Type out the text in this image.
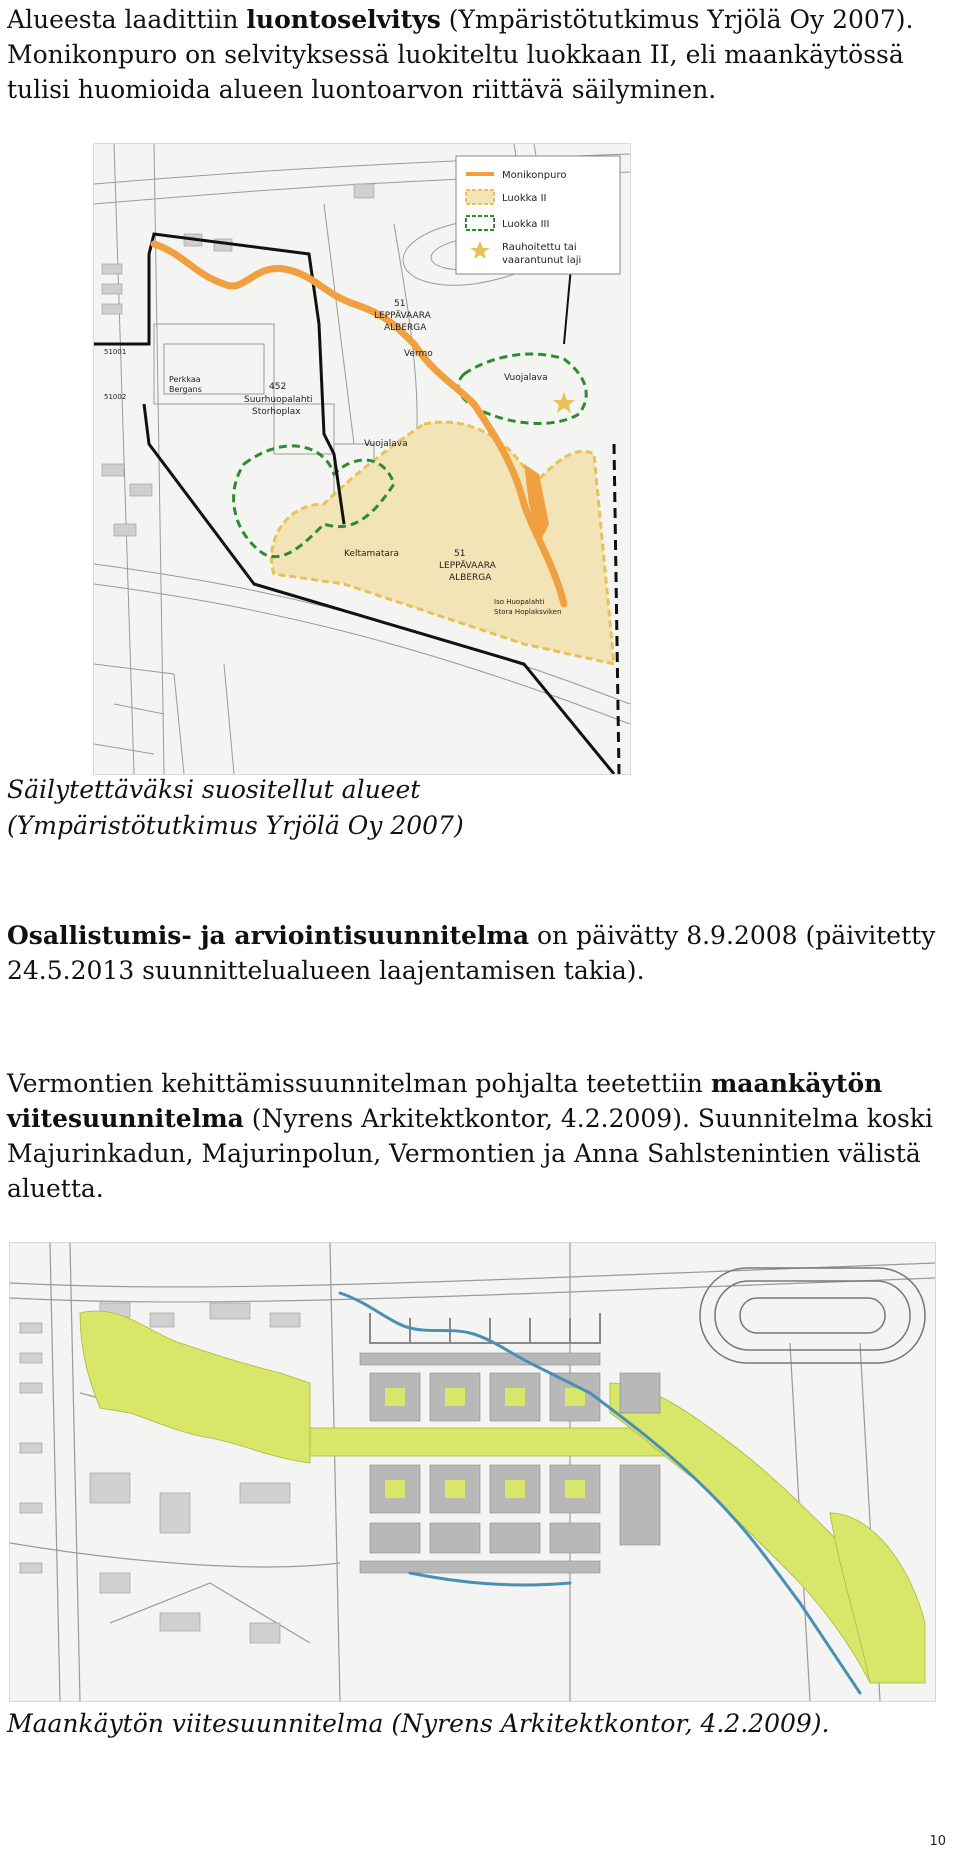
Alueesta laadittiin luontoselvitys (Ympäristötutkimus Yrjölä Oy 2007). Monikonpuro on selvityksessä luokiteltu luokkaan II, eli maankäytössä tulisi huomioida alueen luontoarvon riittävä säilyminen.

Monikonpuro
Luokka II
Luokka III
Rauhoitettu tai
vaarantunut laji
51
LEPPÄVAARA
ALBERGA
Vermo
452
Suurhuopalahti
Storhoplax
Vuojalava
Vuojalava
Keltamatara	51
LEPPÄVAARA
ALBERGA
Iso Huopalahti
Stora Hoplaksviken
Perkkaa
Bergans
51001
51002

Säilytettäväksi suositellut alueet
(Ympäristötutkimus Yrjölä Oy 2007)

Osallistumis- ja arviointisuunnitelma on päivätty 8.9.2008 (päivitetty 24.5.2013 suunnittelualueen laajentamisen takia).

Vermontien kehittämissuunnitelman pohjalta teetettiin maankäytön viitesuunnitelma (Nyrens Arkitektkontor, 4.2.2009). Suunnitelma koski Majurinkadun, Majurinpolun, Vermontien ja Anna Sahlstenintien välistä aluetta.

Maankäytön viitesuunnitelma (Nyrens Arkitektkontor, 4.2.2009).

10
